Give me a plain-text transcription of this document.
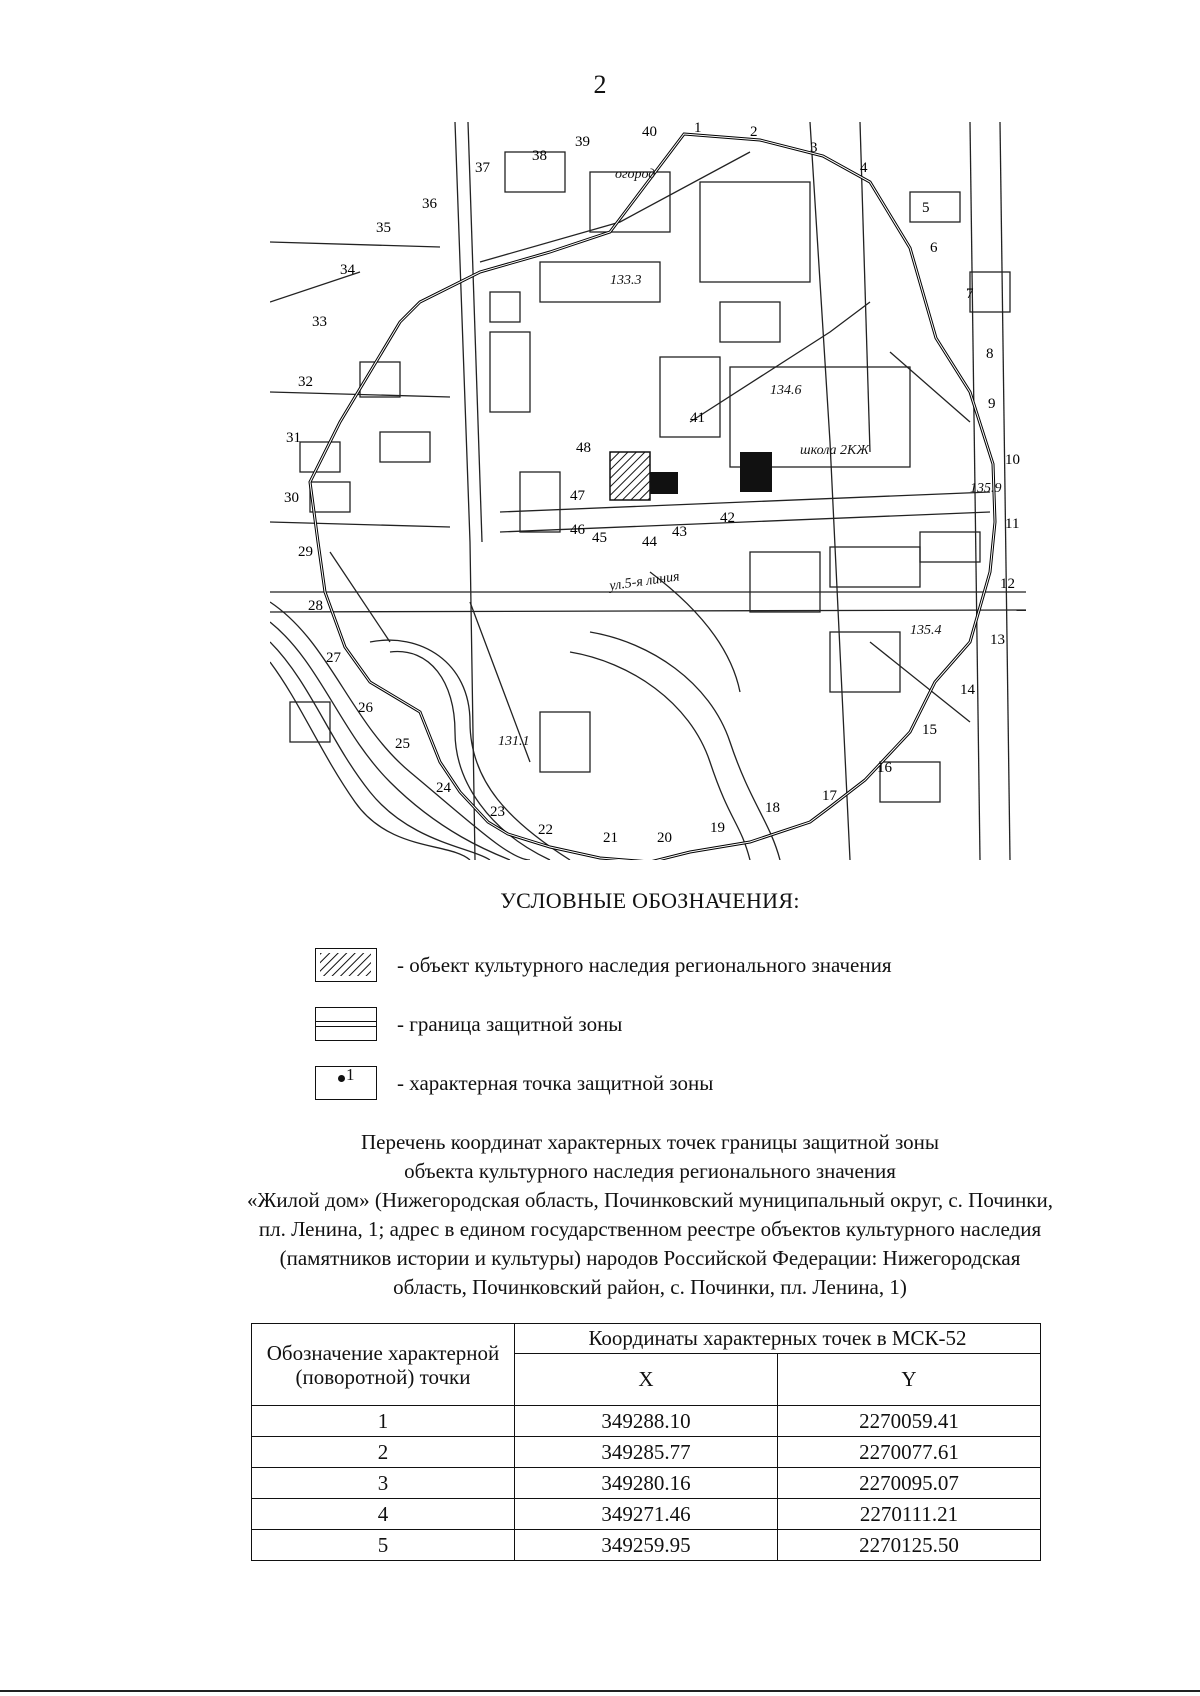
2
огород
133.3
134.6
школа 2КЖ
ул.5-я линия
135.9
135.4
131.1
1	2
3
4
5
6
7
8
9
10
11
12
13
14
15
16
17
18
19
20
21
22
23
24
25
26
27
28
29
30
31
32
33
34
35
36
37
38
39
40
41
42
43
44
45
46
47
48
УСЛОВНЫЕ ОБОЗНАЧЕНИЯ:
- объект культурного наследия регионального значения
- граница защитной зоны
1 - характерная точка защитной зоны
Перечень координат характерных точек границы защитной зоны
объекта культурного наследия регионального значения
«Жилой дом» (Нижегородская область, Починковский муниципальный округ, с. Починки,
пл. Ленина, 1; адрес в едином государственном реестре объектов культурного наследия
(памятников истории и культуры) народов Российской Федерации: Нижегородская
область, Починковский район, с. Починки, пл. Ленина, 1)
Обозначение характерной (поворотной) точки	Координаты характерных точек в МСК-52	
	X	Y
1	349288.10	2270059.41
2	349285.77	2270077.61
3	349280.16	2270095.07
4	349271.46	2270111.21
5	349259.95	2270125.50
